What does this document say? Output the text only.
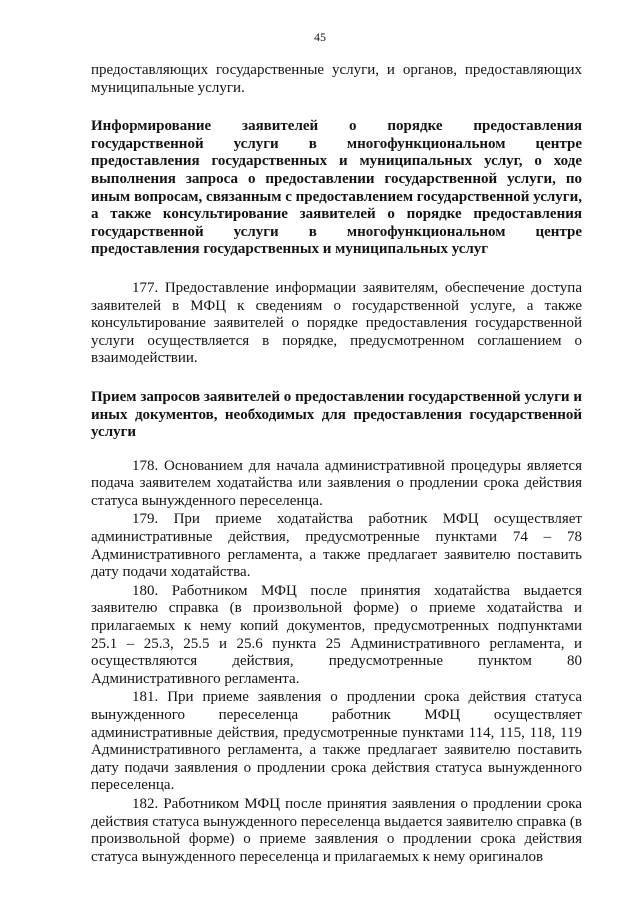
45

предоставляющих государственные услуги, и органов, предоставляющих муниципальные услуги.

Информирование заявителей о порядке предоставления государственной услуги в многофункциональном центре предоставления государственных и муниципальных услуг, о ходе выполнения запроса о предоставлении государственной услуги, по иным вопросам, связанным с предоставлением государственной услуги, а также консультирование заявителей о порядке предоставления государственной услуги в многофункциональном центре предоставления государственных и муниципальных услуг

177. Предоставление информации заявителям, обеспечение доступа заявителей в МФЦ к сведениям о государственной услуге, а также консультирование заявителей о порядке предоставления государственной услуги осуществляется в порядке, предусмотренном соглашением о взаимодействии.

Прием запросов заявителей о предоставлении государственной услуги и иных документов, необходимых для предоставления государственной услуги

178. Основанием для начала административной процедуры является подача заявителем ходатайства или заявления о продлении срока действия статуса вынужденного переселенца.

179. При приеме ходатайства работник МФЦ осуществляет административные действия, предусмотренные пунктами 74 – 78 Административного регламента, а также предлагает заявителю поставить дату подачи ходатайства.

180. Работником МФЦ после принятия ходатайства выдается заявителю справка (в произвольной форме) о приеме ходатайства и прилагаемых к нему копий документов, предусмотренных подпунктами 25.1 – 25.3, 25.5 и 25.6 пункта 25 Административного регламента, и осуществляются действия, предусмотренные пунктом 80 Административного регламента.

181. При приеме заявления о продлении срока действия статуса вынужденного переселенца работник МФЦ осуществляет административные действия, предусмотренные пунктами 114, 115, 118, 119 Административного регламента, а также предлагает заявителю поставить дату подачи заявления о продлении срока действия статуса вынужденного переселенца.

182. Работником МФЦ после принятия заявления о продлении срока действия статуса вынужденного переселенца выдается заявителю справка (в произвольной форме) о приеме заявления о продлении срока действия статуса вынужденного переселенца и прилагаемых к нему оригиналов
